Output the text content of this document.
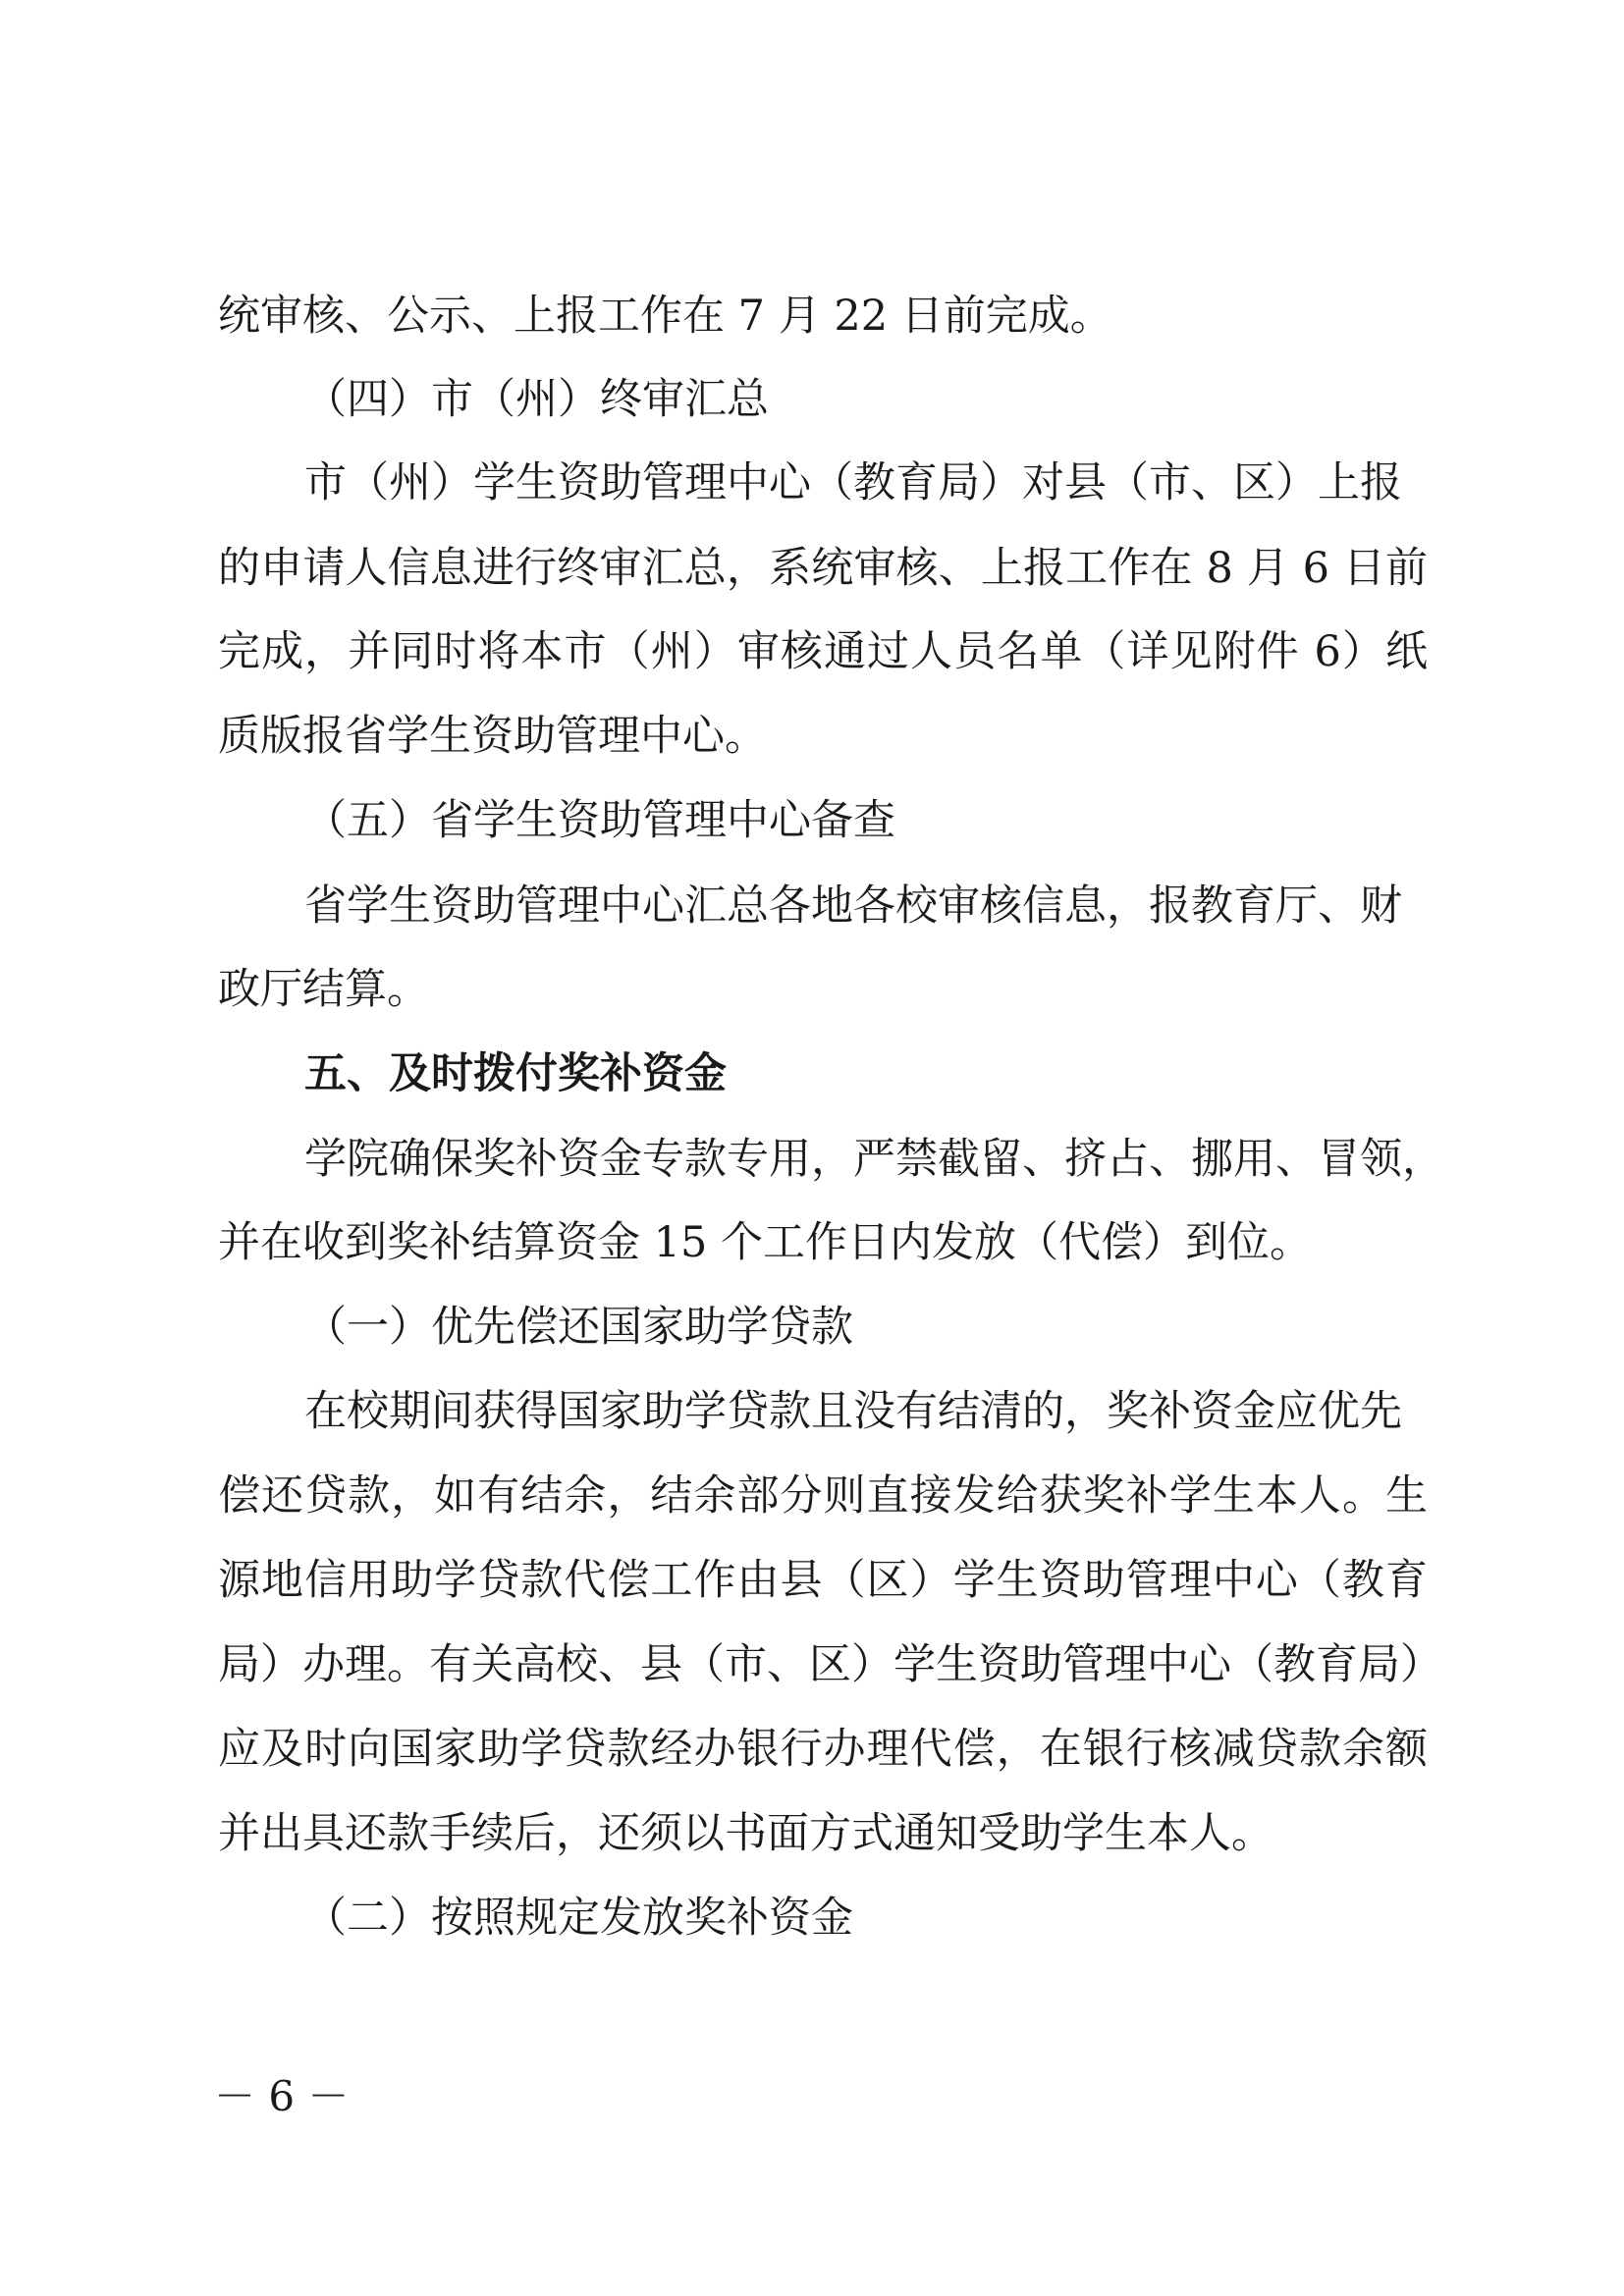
统审核、公示、上报工作在 7 月 22 日前完成。
（四）市（州）终审汇总
市（州）学生资助管理中心（教育局）对县（市、区）上报
的申请人信息进行终审汇总，系统审核、上报工作在 8 月 6 日前
完成，并同时将本市（州）审核通过人员名单（详见附件 6）纸
质版报省学生资助管理中心。
（五）省学生资助管理中心备查
省学生资助管理中心汇总各地各校审核信息，报教育厅、财
政厅结算。
五、及时拨付奖补资金
学院确保奖补资金专款专用，严禁截留、挤占、挪用、冒领，
并在收到奖补结算资金 15 个工作日内发放（代偿）到位。
（一）优先偿还国家助学贷款
在校期间获得国家助学贷款且没有结清的，奖补资金应优先
偿还贷款，如有结余，结余部分则直接发给获奖补学生本人。生
源地信用助学贷款代偿工作由县（区）学生资助管理中心（教育
局）办理。有关高校、县（市、区）学生资助管理中心（教育局）
应及时向国家助学贷款经办银行办理代偿，在银行核减贷款余额
并出具还款手续后，还须以书面方式通知受助学生本人。
（二）按照规定发放奖补资金
－ 6 －
